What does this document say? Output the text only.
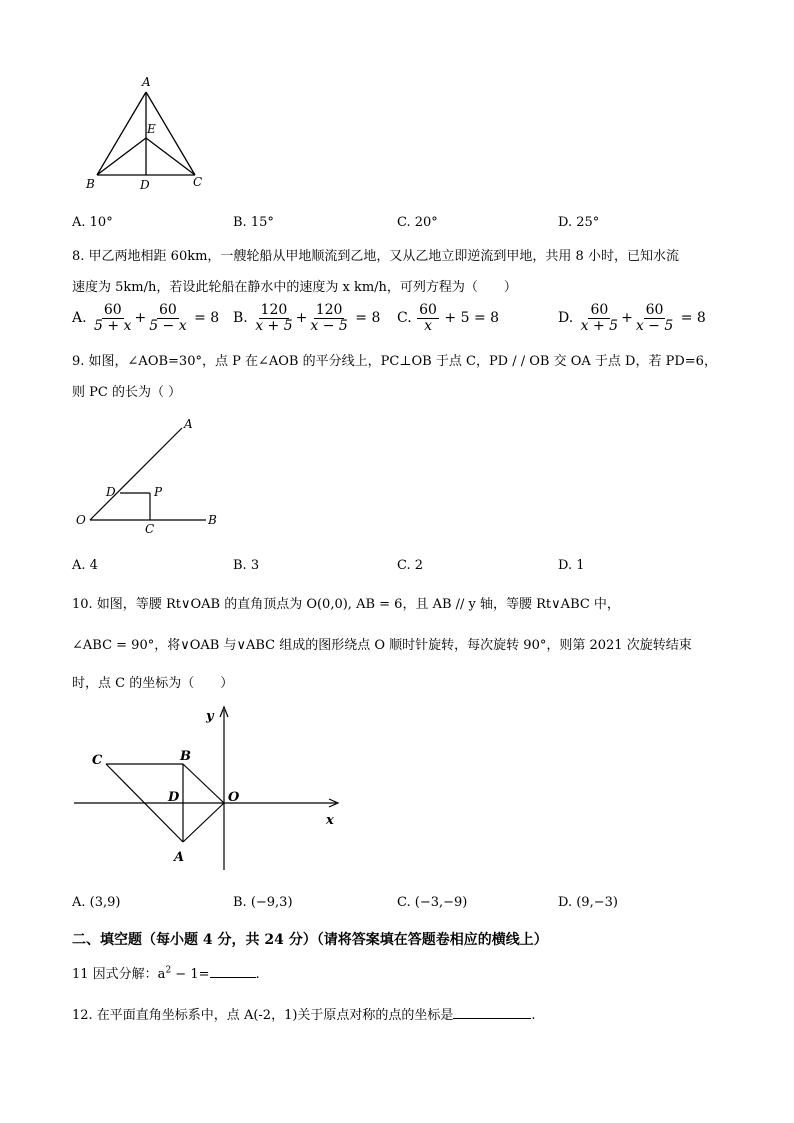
A
E
B	D	C
A. 10°	B. 15°	C. 20°	D. 25°
8. 甲乙两地相距 60km，一艘轮船从甲地顺流到乙地，又从乙地立即逆流到甲地，共用 8 小时，已知水流
速度为 5km/h，若设此轮船在静水中的速度为 x km/h，可列方程为（　　）
A. $\frac{60}{5 + x} + \frac{60}{5 - x} = 8$ B. $\frac{120}{x + 5} + \frac{120}{x - 5} = 8$ C. $\frac{60}{x} + 5 = 8$	D. $\frac{60}{x + 5} + \frac{60}{x - 5} = 8$
9. 如图，∠AOB=30°，点 P 在∠AOB 的平分线上，PC⊥OB 于点 C，PD / / OB 交 OA 于点 D，若 PD=6，
则 PC 的长为（ ）
A
D	P
O
C
B
A. 4	B. 3	C. 2	D. 1
10. 如图，等腰 Rt∨OAB 的直角顶点为 O(0,0), AB = 6，且 AB // y 轴，等腰 Rt∨ABC 中，
∠ABC = 90°，将∨OAB 与∨ABC 组成的图形绕点 O 顺时针旋转，每次旋转 90°，则第 2021 次旋转结束
时，点 C 的坐标为（　　）
y
x
C	B
D	O
A
A. (3,9)	B. (−9,3)	C. (−3,−9)	D. (9,−3)
二、填空题（每小题 4 分，共 24 分）（请将答案填在答题卷相应的横线上）
11 因式分解：$a^2 - 1=$	.
12. 在平面直角坐标系中，点 A(-2，1)关于原点对称的点的坐标是	.
